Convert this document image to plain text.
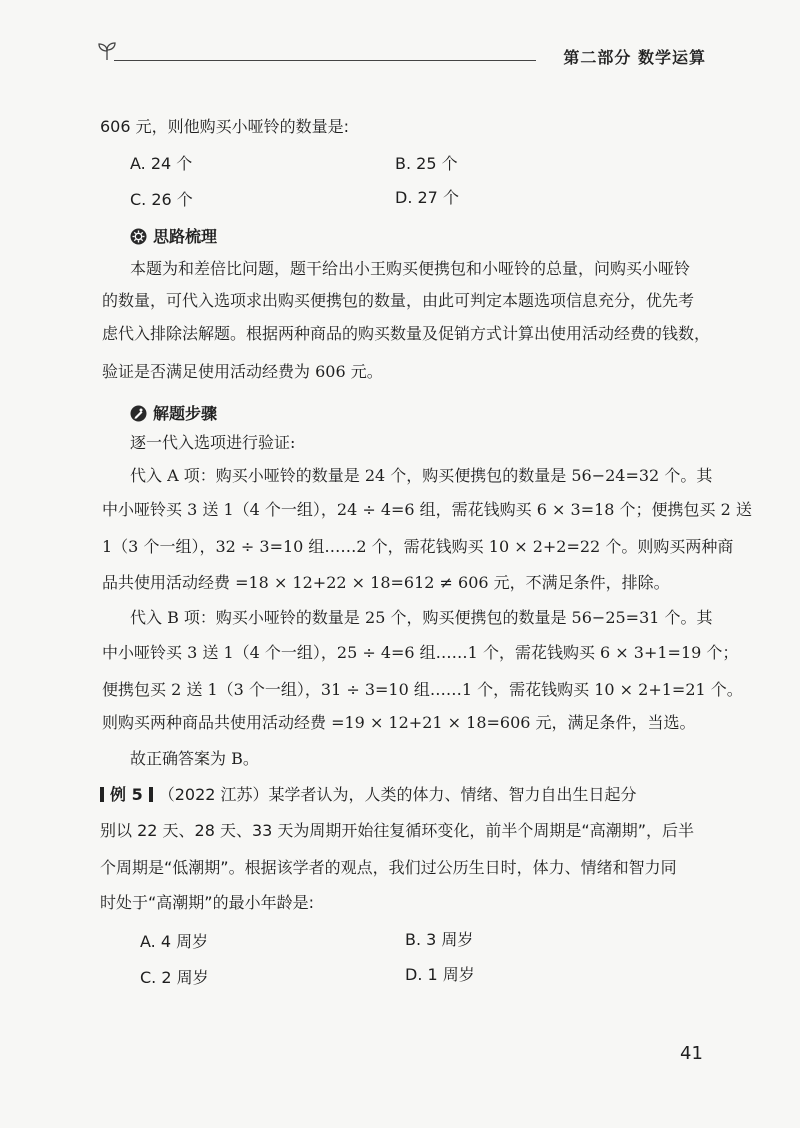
第二部分 数学运算
606 元，则他购买小哑铃的数量是:
A. 24 个	B. 25 个
C. 26 个	D. 27 个
思路梳理
本题为和差倍比问题，题干给出小王购买便携包和小哑铃的总量，问购买小哑铃
的数量，可代入选项求出购买便携包的数量，由此可判定本题选项信息充分，优先考
虑代入排除法解题。根据两种商品的购买数量及促销方式计算出使用活动经费的钱数，
验证是否满足使用活动经费为 606 元。
解题步骤
逐一代入选项进行验证:
代入 A 项：购买小哑铃的数量是 24 个，购买便携包的数量是 56−24=32 个。其
中小哑铃买 3 送 1（4 个一组），24 ÷ 4=6 组，需花钱购买 6 × 3=18 个；便携包买 2 送
1（3 个一组），32 ÷ 3=10 组……2 个，需花钱购买 10 × 2+2=22 个。则购买两种商
品共使用活动经费 =18 × 12+22 × 18=612 ≠ 606 元，不满足条件，排除。
代入 B 项：购买小哑铃的数量是 25 个，购买便携包的数量是 56−25=31 个。其
中小哑铃买 3 送 1（4 个一组），25 ÷ 4=6 组……1 个，需花钱购买 6 × 3+1=19 个；
便携包买 2 送 1（3 个一组），31 ÷ 3=10 组……1 个，需花钱购买 10 × 2+1=21 个。
则购买两种商品共使用活动经费 =19 × 12+21 × 18=606 元，满足条件，当选。
故正确答案为 B。
例 5 （2022 江苏）某学者认为，人类的体力、情绪、智力自出生日起分
别以 22 天、28 天、33 天为周期开始往复循环变化，前半个周期是“高潮期”，后半
个周期是“低潮期”。根据该学者的观点，我们过公历生日时，体力、情绪和智力同
时处于“高潮期”的最小年龄是:
A. 4 周岁	B. 3 周岁
C. 2 周岁	D. 1 周岁
41
